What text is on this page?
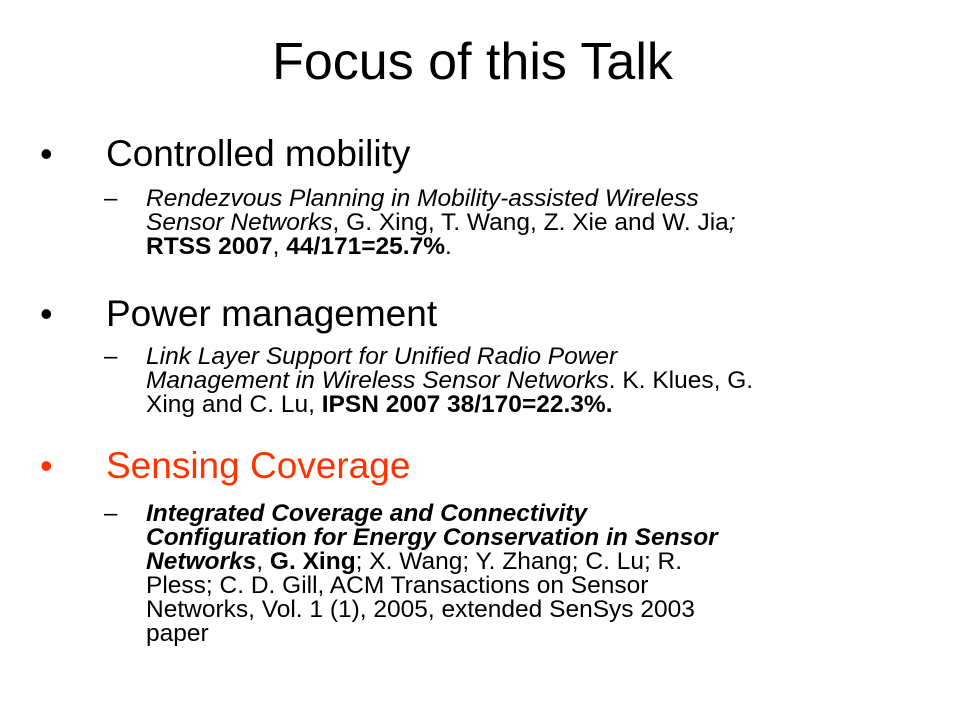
Focus of this Talk
• Controlled mobility
– Rendezvous Planning in Mobility-assisted Wireless
Sensor Networks, G. Xing, T. Wang, Z. Xie and W. Jia;
RTSS 2007, 44/171=25.7%.
• Power management
– Link Layer Support for Unified Radio Power
Management in Wireless Sensor Networks. K. Klues, G.
Xing and C. Lu, IPSN 2007 38/170=22.3%.
• Sensing Coverage
– Integrated Coverage and Connectivity
Configuration for Energy Conservation in Sensor
Networks, G. Xing; X. Wang; Y. Zhang; C. Lu; R.
Pless; C. D. Gill, ACM Transactions on Sensor
Networks, Vol. 1 (1), 2005, extended SenSys 2003
paper
